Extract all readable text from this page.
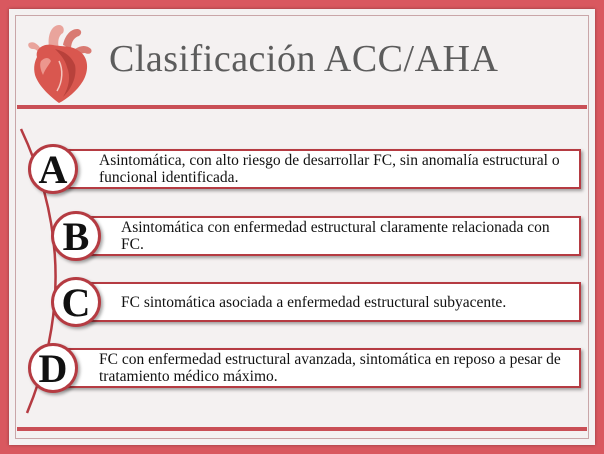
Clasificación ACC/AHA
Asintomática, con alto riesgo de desarrollar FC, sin anomalía estructural o funcional identificada.
A
Asintomática con enfermedad estructural claramente relacionada con FC.
B
FC sintomática asociada a enfermedad estructural subyacente.
C
FC con enfermedad estructural avanzada, sintomática en reposo a pesar de tratamiento médico máximo.
D
